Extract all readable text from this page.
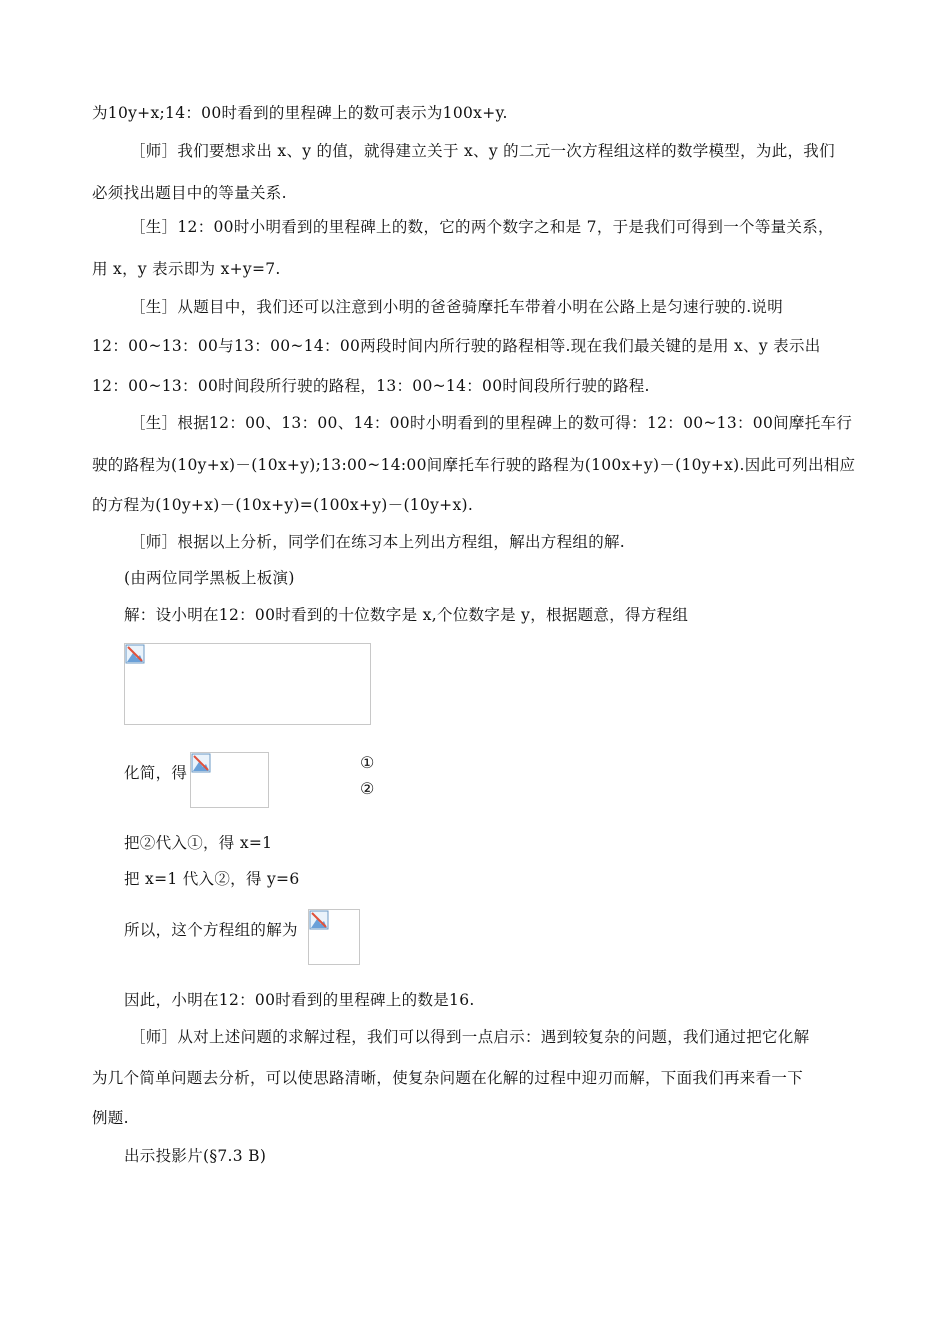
为10y+x;14：00时看到的里程碑上的数可表示为100x+y.
［师］我们要想求出 x、y 的值，就得建立关于 x、y 的二元一次方程组这样的数学模型，为此，我们
必须找出题目中的等量关系.
［生］12：00时小明看到的里程碑上的数，它的两个数字之和是 7，于是我们可得到一个等量关系，
用 x，y 表示即为 x+y=7.
［生］从题目中，我们还可以注意到小明的爸爸骑摩托车带着小明在公路上是匀速行驶的.说明
12：00~13：00与13：00~14：00两段时间内所行驶的路程相等.现在我们最关键的是用 x、y 表示出
12：00~13：00时间段所行驶的路程，13：00~14：00时间段所行驶的路程.
［生］根据12：00、13：00、14：00时小明看到的里程碑上的数可得：12：00~13：00间摩托车行
驶的路程为(10y+x)－(10x+y);13:00~14:00间摩托车行驶的路程为(100x+y)－(10y+x).因此可列出相应
的方程为(10y+x)－(10x+y)=(100x+y)－(10y+x).
［师］根据以上分析，同学们在练习本上列出方程组，解出方程组的解.
(由两位同学黑板上板演)
解：设小明在12：00时看到的十位数字是 x,个位数字是 y，根据题意，得方程组
化简，得
①
②
把②代入①，得 x=1
把 x=1 代入②，得 y=6
所以，这个方程组的解为
因此，小明在12：00时看到的里程碑上的数是16.
［师］从对上述问题的求解过程，我们可以得到一点启示：遇到较复杂的问题，我们通过把它化解
为几个简单问题去分析，可以使思路清晰，使复杂问题在化解的过程中迎刃而解，下面我们再来看一下
例题.
出示投影片(§7.3 B)
